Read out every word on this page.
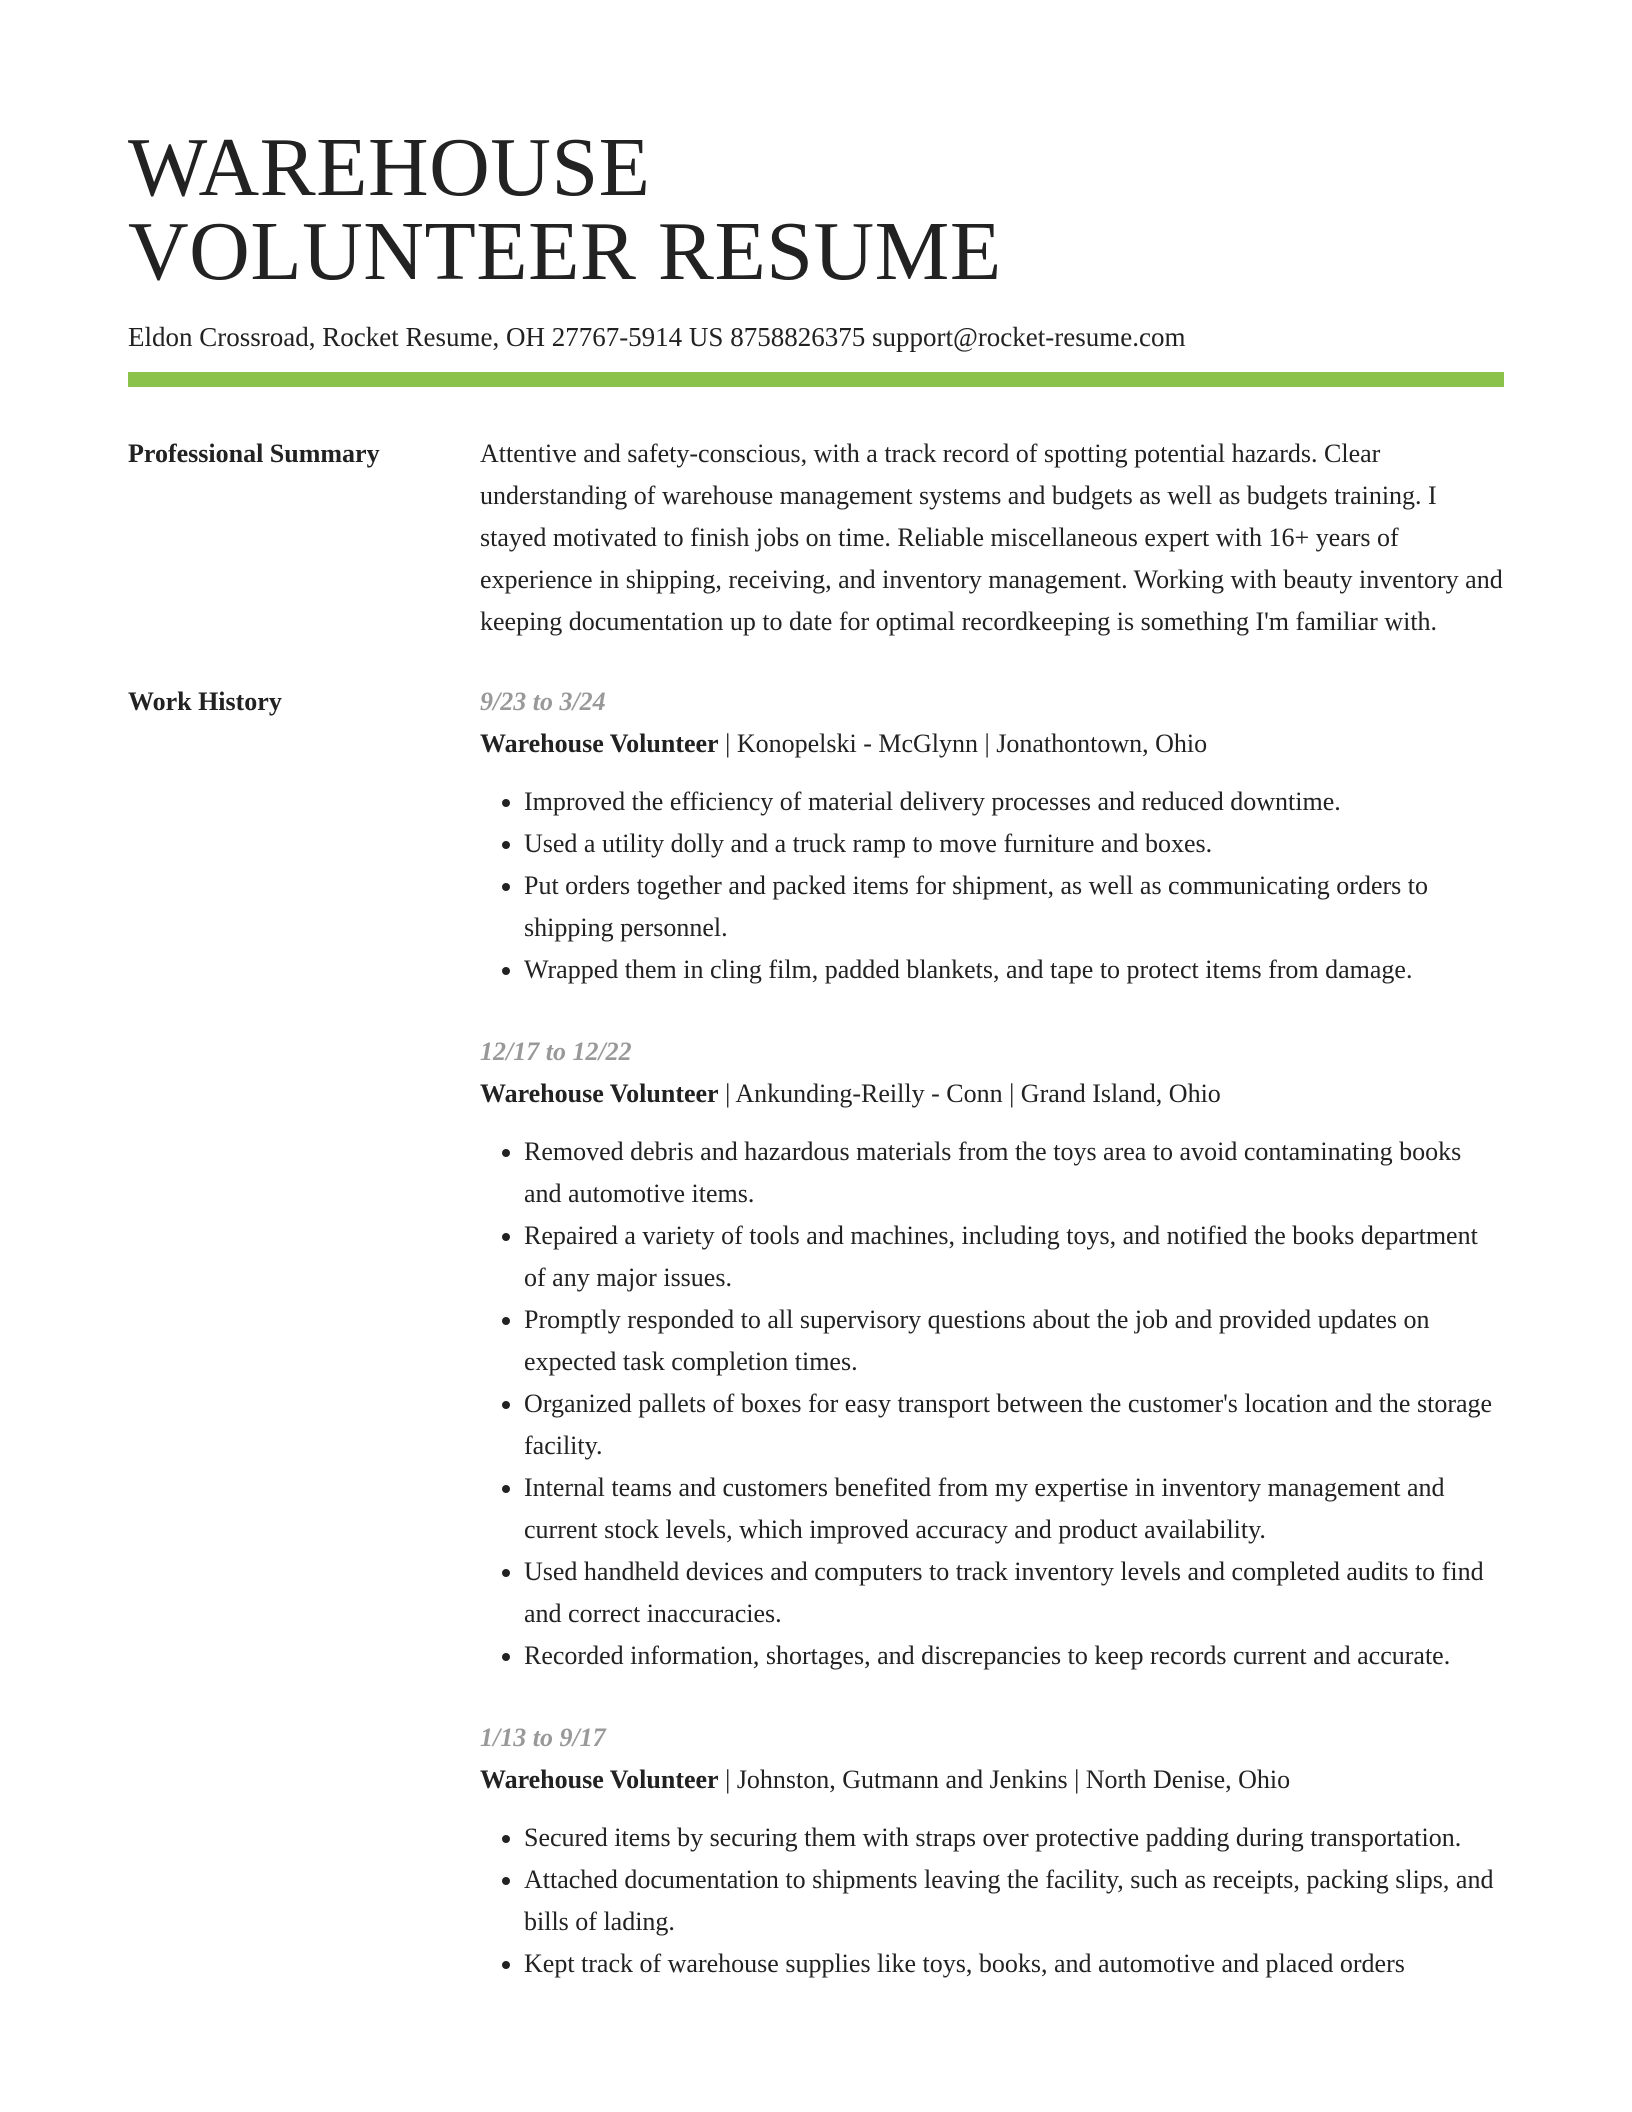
WAREHOUSE
VOLUNTEER RESUME
Eldon Crossroad, Rocket Resume, OH 27767-5914 US 8758826375 support@rocket-resume.com
Professional Summary	Attentive and safety-conscious, with a track record of spotting potential hazards. Clear understanding of warehouse management systems and budgets as well as budgets training. I stayed motivated to finish jobs on time. Reliable miscellaneous expert with 16+ years of experience in shipping, receiving, and inventory management. Working with beauty inventory and keeping documentation up to date for optimal recordkeeping is something I'm familiar with.

Work History	9/23 to 3/24
Warehouse Volunteer | Konopelski - McGlynn | Jonathontown, Ohio
• Improved the efficiency of material delivery processes and reduced downtime.
• Used a utility dolly and a truck ramp to move furniture and boxes.
• Put orders together and packed items for shipment, as well as communicating orders to shipping personnel.
• Wrapped them in cling film, padded blankets, and tape to protect items from damage.
12/17 to 12/22
Warehouse Volunteer | Ankunding-Reilly - Conn | Grand Island, Ohio
• Removed debris and hazardous materials from the toys area to avoid contaminating books and automotive items.
• Repaired a variety of tools and machines, including toys, and notified the books department of any major issues.
• Promptly responded to all supervisory questions about the job and provided updates on expected task completion times.
• Organized pallets of boxes for easy transport between the customer's location and the storage facility.
• Internal teams and customers benefited from my expertise in inventory management and current stock levels, which improved accuracy and product availability.
• Used handheld devices and computers to track inventory levels and completed audits to find and correct inaccuracies.
• Recorded information, shortages, and discrepancies to keep records current and accurate.
1/13 to 9/17
Warehouse Volunteer | Johnston, Gutmann and Jenkins | North Denise, Ohio
• Secured items by securing them with straps over protective padding during transportation.
• Attached documentation to shipments leaving the facility, such as receipts, packing slips, and bills of lading.
• Kept track of warehouse supplies like toys, books, and automotive and placed orders
